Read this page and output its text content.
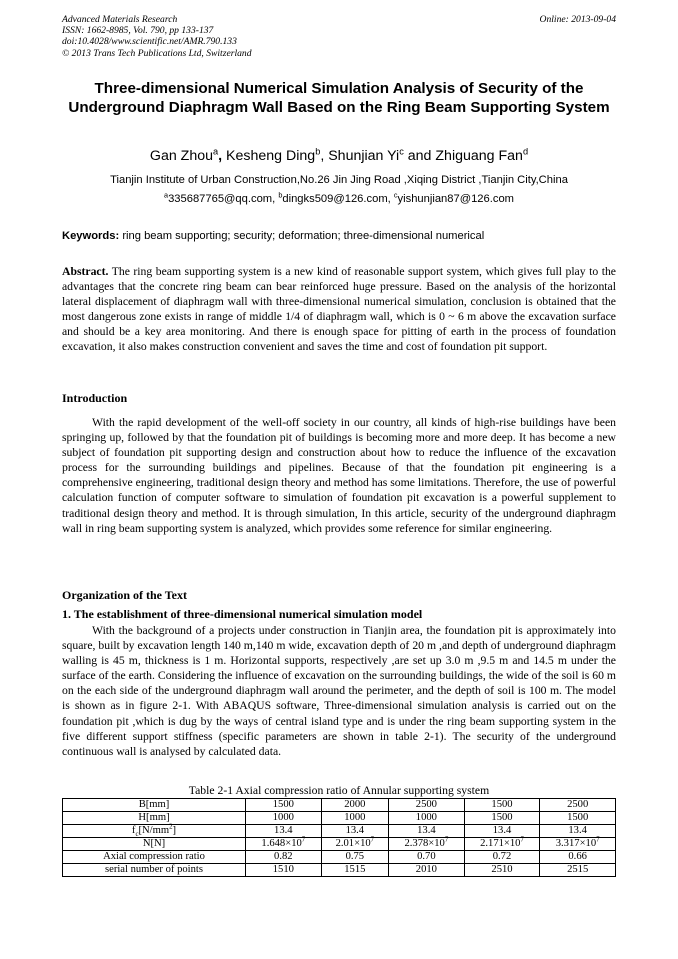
Advanced Materials Research
ISSN: 1662-8985, Vol. 790, pp 133-137
doi:10.4028/www.scientific.net/AMR.790.133
© 2013 Trans Tech Publications Ltd, Switzerland
Online: 2013-09-04
Three-dimensional Numerical Simulation Analysis of Security of the Underground Diaphragm Wall Based on the Ring Beam Supporting System
Gan Zhou$^a$, Kesheng Ding$^b$, Shunjian Yi$^c$ and Zhiguang Fan$^d$
Tianjin Institute of Urban Construction,No.26 Jin Jing Road ,Xiqing District ,Tianjin City,China
$^a$335687765@qq.com, $^b$dingks509@126.com, $^c$yishunjian87@126.com
Keywords: ring beam supporting; security; deformation; three-dimensional numerical
Abstract. The ring beam supporting system is a new kind of reasonable support system, which gives full play to the advantages that the concrete ring beam can bear reinforced huge pressure. Based on the analysis of the horizontal lateral displacement of diaphragm wall with three-dimensional numerical simulation, conclusion is obtained that the most dangerous zone exists in range of middle 1/4 of diaphragm wall, which is 0 ~ 6 m above the excavation surface and should be a key area monitoring. And there is enough space for pitting of earth in the process of foundation excavation, it also makes construction convenient and saves the time and cost of foundation pit support.
Introduction
With the rapid development of the well-off society in our country, all kinds of high-rise buildings have been springing up, followed by that the foundation pit of buildings is becoming more and more deep. It has become a new subject of foundation pit supporting design and construction about how to reduce the influence of the excavation process for the surrounding buildings and pipelines. Because of that the foundation pit engineering is a comprehensive engineering, traditional design theory and method has some limitations. Therefore, the use of powerful calculation function of computer software to simulation of foundation pit excavation is a powerful supplement to traditional design theory and method. It is through simulation, In this article, security of the underground diaphragm wall in ring beam supporting system is analyzed, which provides some reference for similar engineering.
Organization of the Text
1. The establishment of three-dimensional numerical simulation model
With the background of a projects under construction in Tianjin area, the foundation pit is approximately into square, built by excavation length 140 m,140 m wide, excavation depth of 20 m ,and depth of underground diaphragm walling is 45 m, thickness is 1 m. Horizontal supports, respectively ,are set up 3.0 m ,9.5 m and 14.5 m under the surface of the earth. Considering the influence of excavation on the surrounding buildings, the wide of the soil is 60 m on the each side of the underground diaphragm wall around the perimeter, and the depth of soil is 100 m. The model is shown as in figure 2-1. With ABAQUS software, Three-dimensional simulation analysis is carried out on the foundation pit ,which is dug by the ways of central island type and is under the ring beam supporting system in the five different support stiffness (specific parameters are shown in table 2-1). The security of the underground continuous wall is analysed by calculated data.
Table 2-1 Axial compression ratio of Annular supporting system
B[mm]	1500	2000	2500	1500	2500
H[mm]	1000	1000	1000	1500	1500
$f_c[N/mm^2]$	13.4	13.4	13.4	13.4	13.4
N[N]	$1.648\times 10^7$	$2.01\times 10^7$	$2.378\times 10^7$	$2.171\times 10^7$	$3.317\times 10^7$
Axial compression ratio	0.82	0.75	0.70	0.72	0.66
serial number of points	1510	1515	2010	2510	2515
